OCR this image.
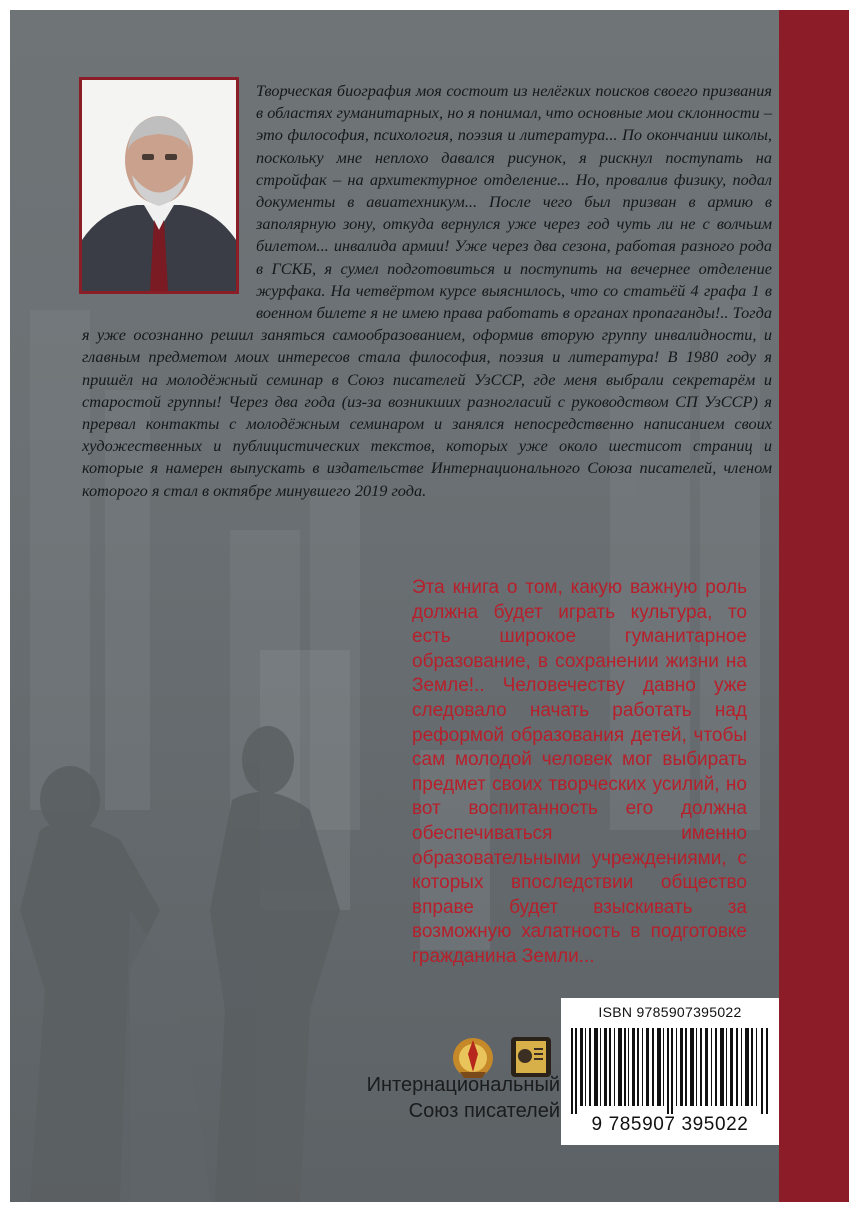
Творческая биография моя состоит из нелёгких поисков своего призвания в областях гуманитарных, но я понимал, что основные мои склонности – это философия, психология, поэзия и литература... По окончании школы, поскольку мне неплохо давался рисунок, я рискнул поступать на стройфак – на архитектурное отделение... Но, провалив физику, подал документы в авиатехникум... После чего был призван в армию в заполярную зону, откуда вернулся уже через год чуть ли не с волчьим билетом... инвалида армии! Уже через два сезона, работая разного рода в ГСКБ, я сумел подготовиться и поступить на вечернее отделение журфака. На четвёртом курсе выяснилось, что со статьёй 4 графа 1 в военном билете я не имею права работать в органах пропаганды!.. Тогда я уже осознанно решил заняться самообразованием, оформив вторую группу инвалидности, и главным предметом моих интересов стала философия, поэзия и литература! В 1980 году я пришёл на молодёжный семинар в Союз писателей УзССР, где меня выбрали секретарём и старостой группы! Через два года (из-за возникших разногласий с руководством СП УзССР) я прервал контакты с молодёжным семинаром и занялся непосредственно написанием своих художественных и публицистических текстов, которых уже около шестисот страниц и которые я намерен выпускать в издательстве Интернационального Союза писателей, членом которого я стал в октябре минувшего 2019 года.

Эта книга о том, какую важную роль должна будет играть культура, то есть широкое гуманитарное образование, в сохранении жизни на Земле!.. Человечеству давно уже следовало начать работать над реформой образования детей, чтобы сам молодой человек мог выбирать предмет своих творческих усилий, но вот воспитанность его должна обеспечиваться именно образовательными учреждениями, с которых впоследствии общество вправе будет взыскивать за возможную халатность в подготовке гражданина Земли...

Интернациональный
Союз писателей
ISBN 9785907395022
9 785907 395022
